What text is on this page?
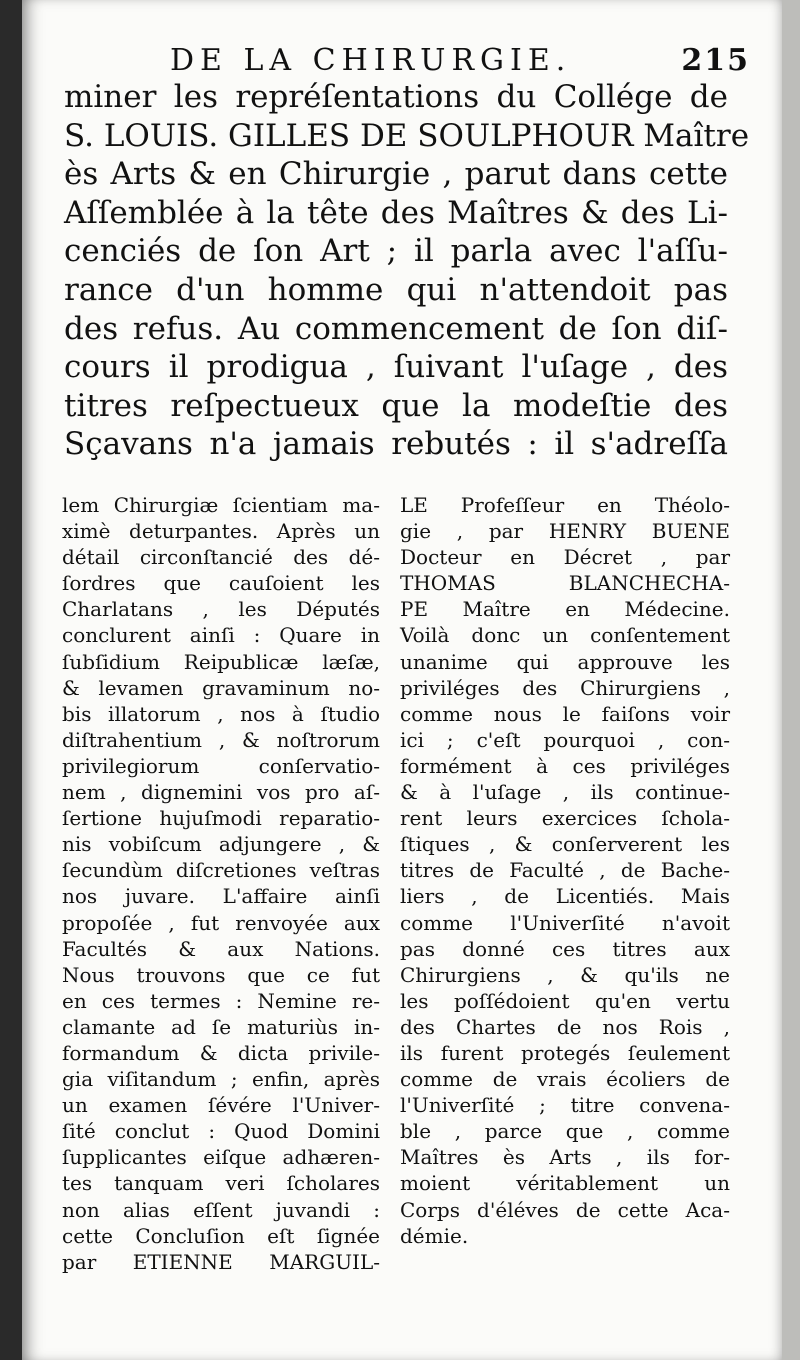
DE LA CHIRURGIE.	215
miner les repréſentations du Collége de
S. LOUIS. GILLES DE SOULPHOUR Maître
ès Arts & en Chirurgie , parut dans cette
Aſſemblée à la tête des Maîtres & des Li-
cenciés de ſon Art ; il parla avec l'aſſu-
rance d'un homme qui n'attendoit pas
des refus. Au commencement de ſon diſ-
cours il prodigua , ſuivant l'uſage , des
titres reſpectueux que la modeſtie des
Sçavans n'a jamais rebutés : il s'adreſſa
lem Chirurgiæ ſcientiam ma-
ximè deturpantes. Après un
détail circonſtancié des dé-
ſordres que cauſoient les
Charlatans , les Députés
conclurent ainſi : Quare in
ſubſidium Reipublicæ læſæ,
& levamen gravaminum no-
bis illatorum , nos à ſtudio
diſtrahentium , & noſtrorum
privilegiorum conſervatio-
nem , dignemini vos pro aſ-
ſertione hujuſmodi reparatio-
nis vobiſcum adjungere , &
ſecundùm diſcretiones veſtras
nos juvare. L'affaire ainſi
propoſée , fut renvoyée aux
Facultés & aux Nations.
Nous trouvons que ce fut
en ces termes : Nemine re-
clamante ad ſe maturiùs in-
formandum & dicta privile-
gia viſitandum ; enfin, après
un examen ſévére l'Univer-
ſité conclut : Quod Domini
ſupplicantes eiſque adhæren-
tes tanquam veri ſcholares
non alias eſſent juvandi :
cette Concluſion eſt ſignée
par ETIENNE MARGUIL-
LE Profeſſeur en Théolo-
gie , par HENRY BUENE
Docteur en Décret , par
THOMAS BLANCHECHA-
PE Maître en Médecine.
Voilà donc un conſentement
unanime qui approuve les
priviléges des Chirurgiens ,
comme nous le faiſons voir
ici ; c'eſt pourquoi , con-
formément à ces priviléges
& à l'uſage , ils continue-
rent leurs exercices ſchola-
ſtiques , & conſerverent les
titres de Faculté , de Bache-
liers , de Licentiés. Mais
comme l'Univerſité n'avoit
pas donné ces titres aux
Chirurgiens , & qu'ils ne
les poſſédoient qu'en vertu
des Chartes de nos Rois ,
ils furent protegés ſeulement
comme de vrais écoliers de
l'Univerſité ; titre convena-
ble , parce que , comme
Maîtres ès Arts , ils for-
moient véritablement un
Corps d'éléves de cette Aca-
démie.
